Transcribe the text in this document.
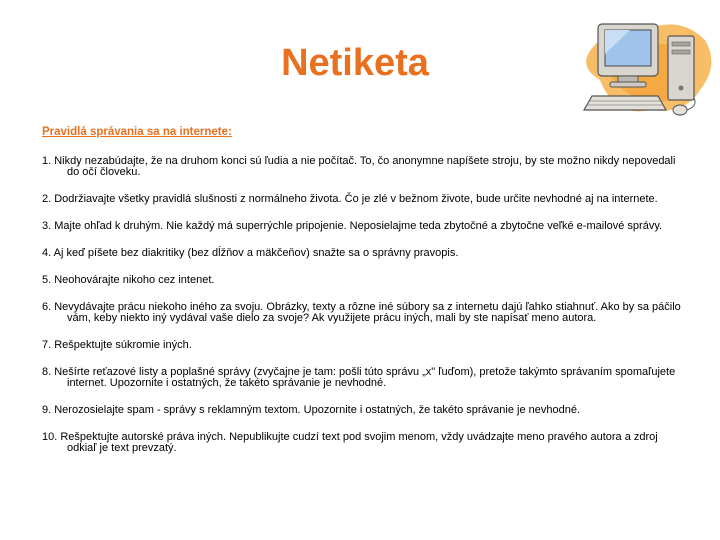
Netiketa

Pravidlá správania sa na internete:

1. Nikdy nezabúdajte, že na druhom konci sú ľudia a nie počítač. To, čo anonymne napíšete stroju, by ste možno nikdy nepovedali do očí človeku.
2. Dodržiavajte všetky pravidlá slušnosti z normálneho života. Čo je zlé v bežnom živote, bude určite nevhodné aj na internete.
3. Majte ohľad k druhým. Nie každý má superrýchle pripojenie. Neposielajme teda zbytočné a zbytočne veľké e-mailové správy.
4. Aj keď píšete bez diakritiky (bez dĺžňov a mäkčeňov) snažte sa o správny pravopis.
5. Neohovárajte nikoho cez intenet.
6. Nevydávajte prácu niekoho iného za svoju. Obrázky, texty a rôzne iné súbory sa z internetu dajú ľahko stiahnuť. Ako by sa páčilo vám, keby niekto iný vydával vaše dielo za svoje? Ak využijete prácu iných, mali by ste napísať meno autora.
7. Rešpektujte súkromie iných.
8. Nešírte reťazové listy a poplašné správy (zvyčajne je tam: pošli túto správu „x" ľuďom), pretože takýmto správaním spomaľujete internet. Upozornite i ostatných, že takéto správanie je nevhodné.
9. Nerozosielajte spam - správy s reklamným textom. Upozornite i ostatných, že takéto správanie je nevhodné.
10. Rešpektujte autorské práva iných. Nepublikujte cudzí text pod svojim menom, vždy uvádzajte meno pravého autora a zdroj odkiaľ je text prevzatý.
